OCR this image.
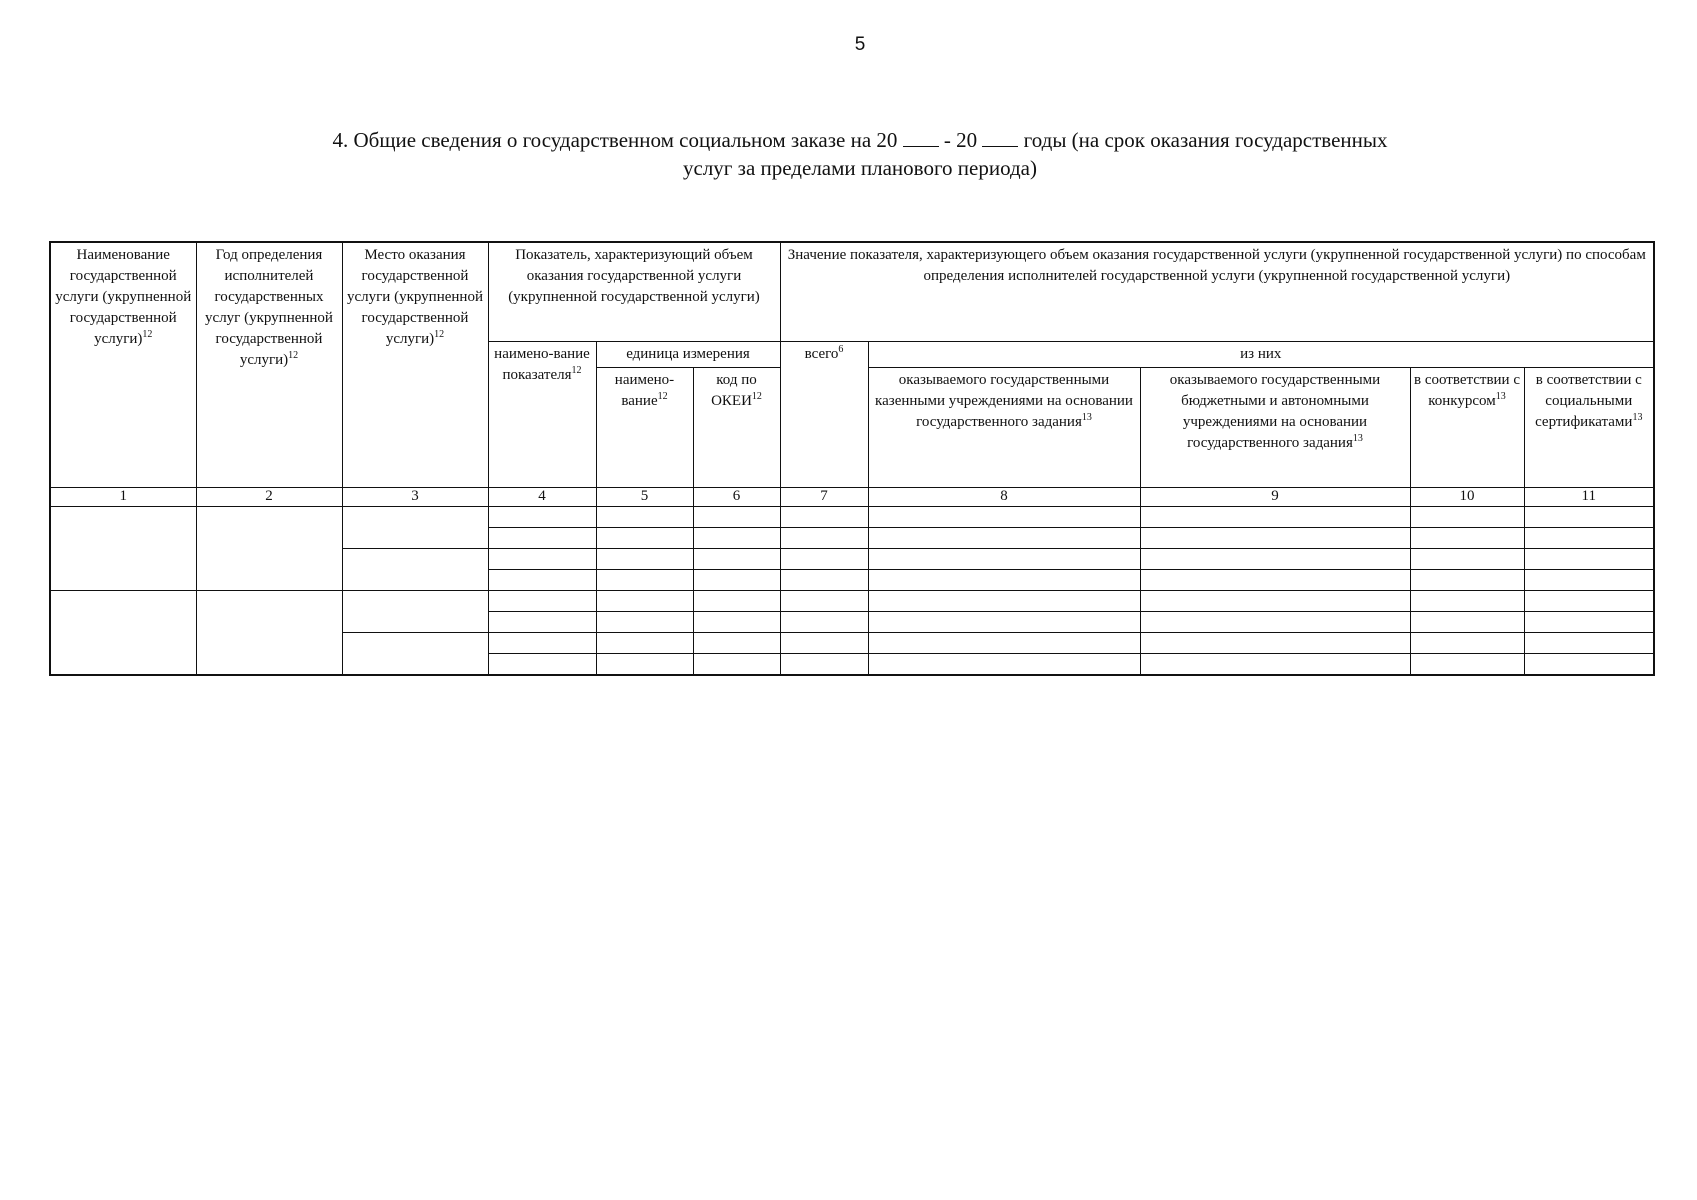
5
4. Общие сведения о государственном социальном заказе на 20 - 20 годы (на срок оказания государственных
услуг за пределами планового периода)
Наименование государственной услуги (укрупненной государственной услуги)$^{12}$	Год определения исполнителей государственных услуг (укрупненной государственной услуги)$^{12}$	Место оказания государственной услуги (укрупненной государственной услуги)$^{12}$	Показатель, характеризующий объем оказания государственной услуги (укрупненной государственной услуги)			Значение показателя, характеризующего объем оказания государственной услуги (укрупненной государственной услуги) по способам определения исполнителей государственной услуги (укрупненной государственной услуги)				
			наимено-вание показателя$^{12}$	единица измерения		всего$^6$	из них			
				наимено-вание$^{12}$	код по ОКЕИ$^{12}$		оказываемого государственными казенными учреждениями на основании государственного задания$^{13}$	оказываемого государственными бюджетными и автономными учреждениями на основании государственного задания$^{13}$	в соответствии с конкурсом$^{13}$	в соответствии с социальными сертификатами$^{13}$
1	2	3	4	5	6	7	8	9	10	11
